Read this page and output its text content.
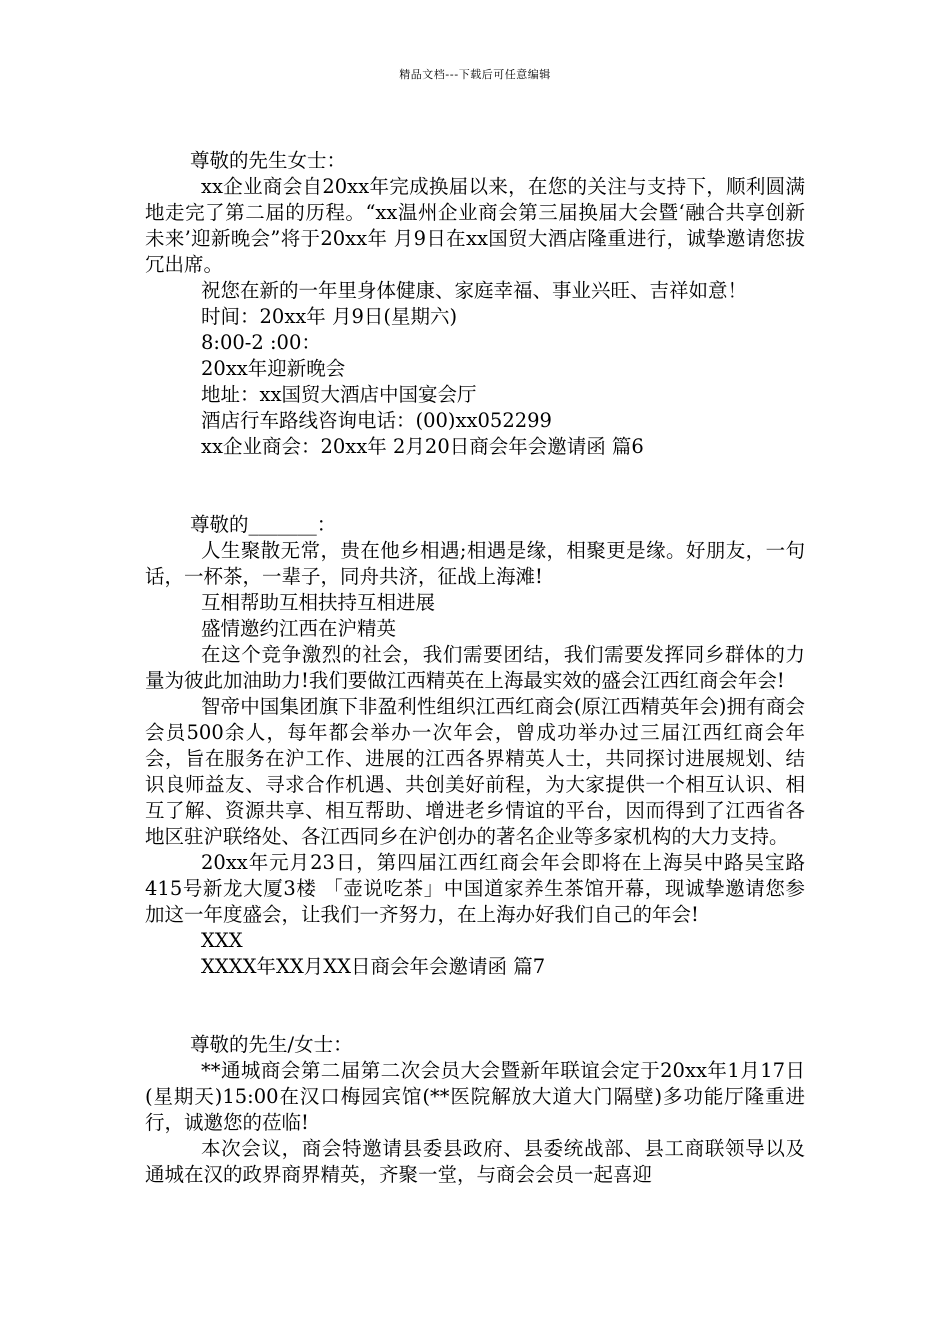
精品文档---下载后可任意编辑

尊敬的先生女士：

xx企业商会自20xx年完成换届以来，在您的关注与支持下，顺利圆满地走完了第二届的历程。“xx温州企业商会第三届换届大会暨‘融合共享创新未来’迎新晚会”将于20xx年 月9日在xx国贸大酒店隆重进行，诚挚邀请您拔冗出席。

祝您在新的一年里身体健康、家庭幸福、事业兴旺、吉祥如意！

时间：20xx年 月9日(星期六)

8:00-2 :00：

20xx年迎新晚会

地址：xx国贸大酒店中国宴会厅

酒店行车路线咨询电话：(00)xx052299

xx企业商会：20xx年 2月20日商会年会邀请函 篇6

尊敬的_______：

人生聚散无常，贵在他乡相遇;相遇是缘，相聚更是缘。好朋友，一句话，一杯茶，一辈子，同舟共济，征战上海滩!

互相帮助互相扶持互相进展

盛情邀约江西在沪精英

在这个竞争激烈的社会，我们需要团结，我们需要发挥同乡群体的力量为彼此加油助力!我们要做江西精英在上海最实效的盛会江西红商会年会!

智帝中国集团旗下非盈利性组织江西红商会(原江西精英年会)拥有商会会员500余人，每年都会举办一次年会，曾成功举办过三届江西红商会年会，旨在服务在沪工作、进展的江西各界精英人士，共同探讨进展规划、结识良师益友、寻求合作机遇、共创美好前程，为大家提供一个相互认识、相互了解、资源共享、相互帮助、增进老乡情谊的平台，因而得到了江西省各地区驻沪联络处、各江西同乡在沪创办的著名企业等多家机构的大力支持。

20xx年元月23日，第四届江西红商会年会即将在上海吴中路吴宝路415号新龙大厦3楼 「壶说吃茶」中国道家养生茶馆开幕，现诚挚邀请您参加这一年度盛会，让我们一齐努力，在上海办好我们自己的年会!

XXX

XXXX年XX月XX日商会年会邀请函 篇7

尊敬的先生/女士：

**通城商会第二届第二次会员大会暨新年联谊会定于20xx年1月17日(星期天)15:00在汉口梅园宾馆(**医院解放大道大门隔壁)多功能厅隆重进行，诚邀您的莅临!

本次会议，商会特邀请县委县政府、县委统战部、县工商联领导以及通城在汉的政界商界精英，齐聚一堂，与商会会员一起喜迎
